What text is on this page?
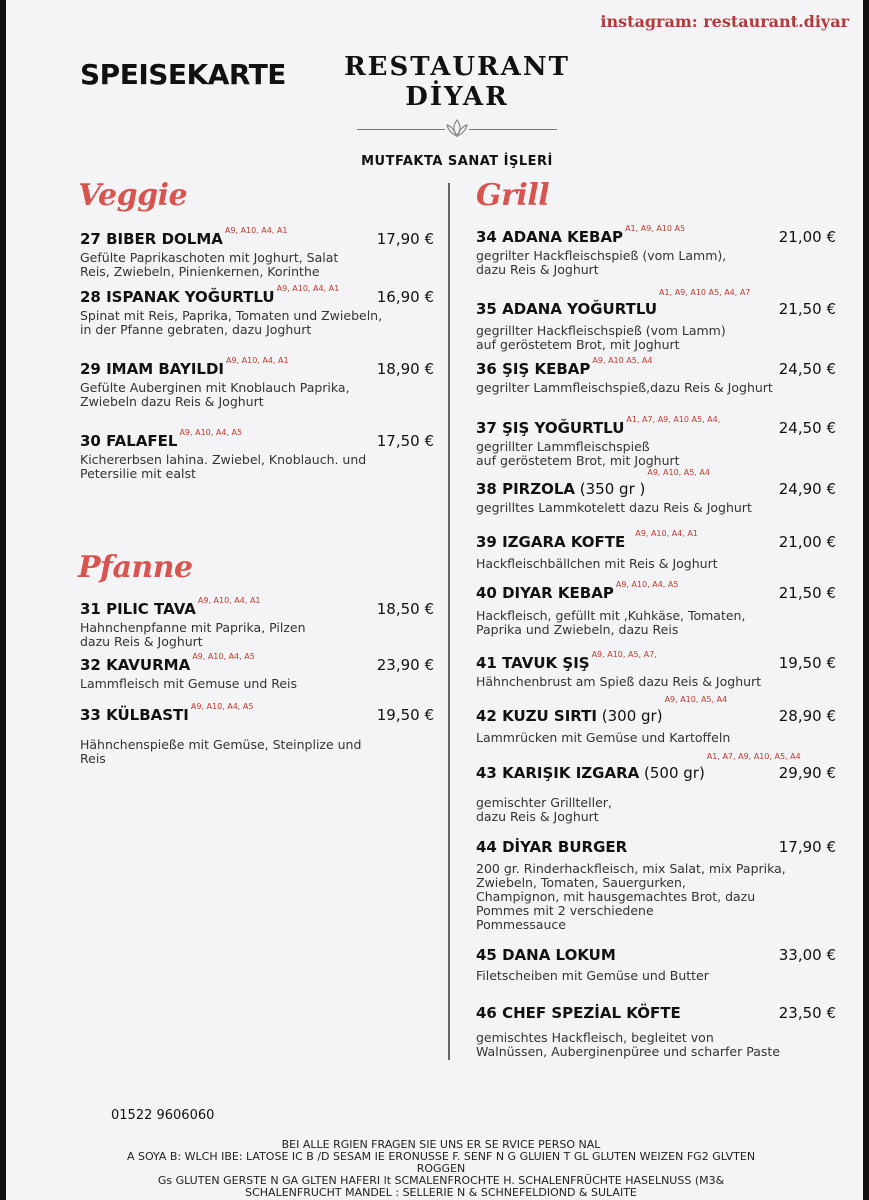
instagram: restaurant.diyar
SPEISEKARTE	RESTAURANT
DİYAR
MUTFAKTA SANAT İŞLERİ
Veggie
Pfanne
Grill
27 BIBER DOLMA $^{A9, A10, A4, A1}$	17,90 €
Gefülte Paprikaschoten mit Joghurt, Salat
Reis, Zwiebeln, Pinienkernen, Korinthe
28 ISPANAK YOĞURTLU $^{A9, A10, A4, A1}$	16,90 €
Spinat mit Reis, Paprika, Tomaten und Zwiebeln,
in der Pfanne gebraten, dazu Joghurt
29 IMAM BAYILDI $^{A9, A10, A4, A1}$	18,90 €
Gefülte Auberginen mit Knoblauch Paprika,
Zwiebeln dazu Reis & Joghurt
30 FALAFEL $^{A9, A10, A4, A5}$	17,50 €
Kichererbsen lahina. Zwiebel, Knoblauch. und
Petersilie mit ealst
31 PILIC TAVA $^{A9, A10, A4, A1}$	18,50 €
Hahnchenpfanne mit Paprika, Pilzen
dazu Reis & Joghurt
32 KAVURMA $^{A9, A10, A4, A5}$	23,90 €
Lammfleisch mit Gemuse und Reis
33 KÜLBASTI $^{A9, A10, A4, A5}$	19,50 €
Hähnchenspieße mit Gemüse, Steinplize und
Reis
34 ADANA KEBAP $^{A1, A9, A10 A5}$	21,00 €
gegrilter Hackfleischspieß (vom Lamm),
dazu Reis & Joghurt
35 ADANA $YOĞURTLU^{A1, A9, A10 A5, A4, A7}$
21,50 €
gegrillter Hackfleischspieß (vom Lamm)
auf geröstetem Brot, mit Joghurt
36 ŞIŞ KEBAP $^{A9, A10 A5, A4}$	24,50 €
gegrilter Lammfleischspieß,dazu Reis & Joghurt
37 ŞIŞ YOĞURTLU $^{A1, A7, A9, A10 A5, A4,}$	24,50 €
gegrillter Lammfleischspieß
auf geröstetem Brot, mit Joghurt
38 PIRZOLA (350 gr )$^{A9, A10, A5, A4}$
24,90 €
gegrilltes Lammkotelett dazu Reis & Joghurt
39 IZGARA KOFTE $^{A9, A10, A4, A1}$	21,00 €
Hackfleischbällchen mit Reis & Joghurt
40 DIYAR KEBAP $^{A9, A10, A4, A5}$	21,50 €
Hackfleisch, gefüllt mit ,Kuhkäse, Tomaten,
Paprika und Zwiebeln, dazu Reis
41 TAVUK ŞIŞ $^{A9, A10, A5, A7,}$	19,50 €
Hähnchenbrust am Spieß dazu Reis & Joghurt
42 KUZU SIRTI (300 gr)$^{A9, A10, A5, A4}$
28,90 €
Lammrücken mit Gemüse und Kartoffeln
43 KARIŞIK IZGARA (500 gr)$^{A1, A7, A9, A10, A5, A4}$
29,90 €
gemischter Grillteller,
dazu Reis & Joghurt
44 DİYAR BURGER	17,90 €
200 gr. Rinderhackfleisch, mix Salat, mix Paprika,
Zwiebeln, Tomaten, Sauergurken,
Champignon, mit hausgemachtes Brot, dazu
Pommes mit 2 verschiedene
Pommessauce
45 DANA LOKUM	33,00 €
Filetscheiben mit Gemüse und Butter
46 CHEF SPEZİAL KÖFTE	23,50 €
gemischtes Hackfleisch, begleitet von
Walnüssen, Auberginenpüree und scharfer Paste
01522 9606060
BEI ALLE RGIEN FRAGEN SIE UNS ER SE RVICE PERSO NAL
A SOYA B: WLCH IBE: LATOSE IC B /D SESAM IE ERONUSSE F. SENF N G GLUIEN T GL GLUTEN WEIZEN FG2 GLVTEN
ROGGEN
Gs GLUTEN GERSTE N GA GLTEN HAFERI lt SCMALENFROCHTE H. SCHALENFRÜCHTE HASELNUSS (M3&
SCHALENFRUCHT MANDEL : SELLERIE N & SCHNEFELDIOND & SULAITE
